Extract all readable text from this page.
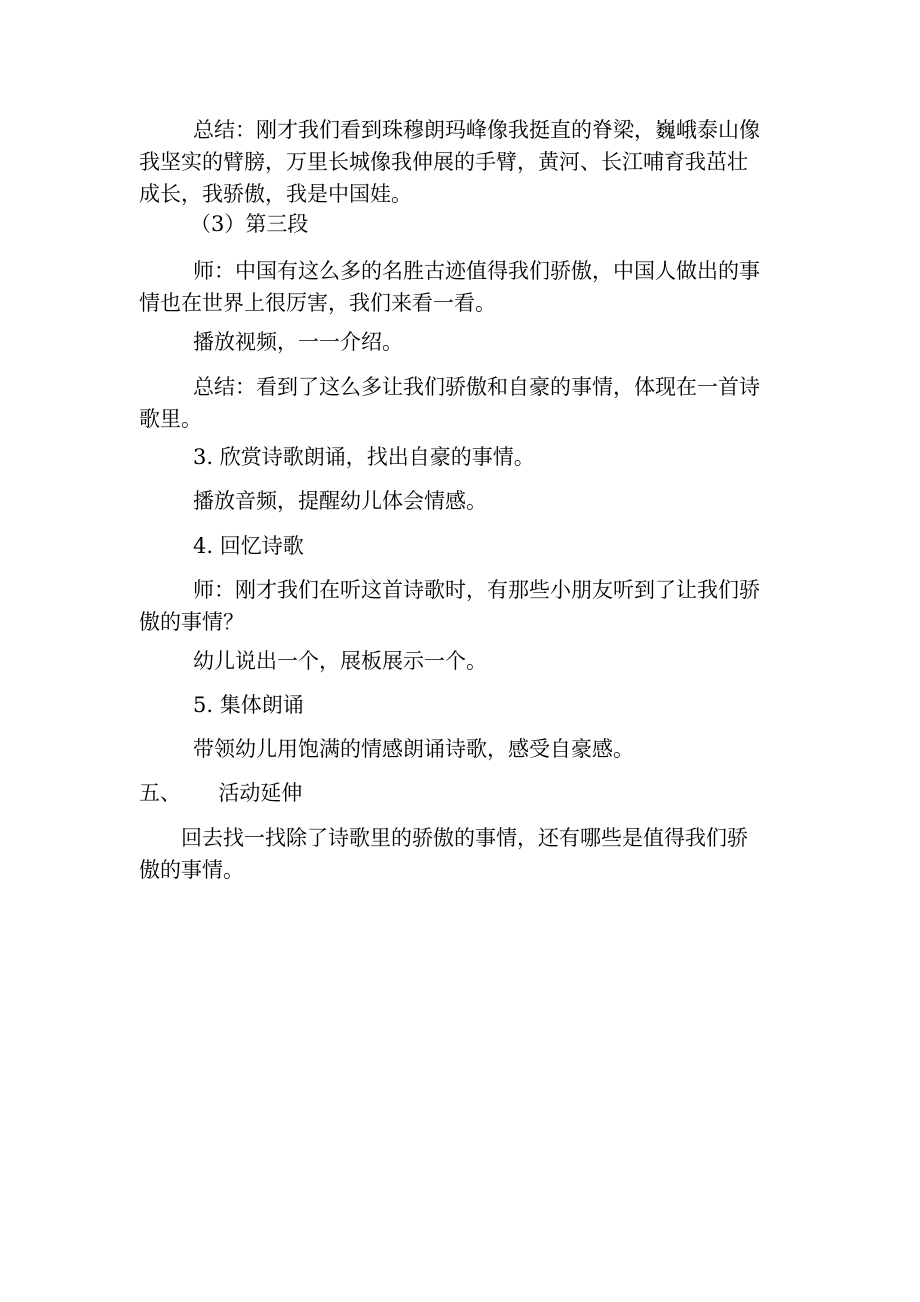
总结：刚才我们看到珠穆朗玛峰像我挺直的脊梁，巍峨泰山像
我坚实的臂膀，万里长城像我伸展的手臂，黄河、长江哺育我茁壮
成长，我骄傲，我是中国娃。
（3）第三段
师：中国有这么多的名胜古迹值得我们骄傲，中国人做出的事
情也在世界上很厉害，我们来看一看。
播放视频，一一介绍。
总结：看到了这么多让我们骄傲和自豪的事情，体现在一首诗
歌里。
3. 欣赏诗歌朗诵，找出自豪的事情。
播放音频，提醒幼儿体会情感。
4. 回忆诗歌
师：刚才我们在听这首诗歌时，有那些小朋友听到了让我们骄
傲的事情？
幼儿说出一个，展板展示一个。
5. 集体朗诵
带领幼儿用饱满的情感朗诵诗歌，感受自豪感。
五、 活动延伸
回去找一找除了诗歌里的骄傲的事情，还有哪些是值得我们骄
傲的事情。
